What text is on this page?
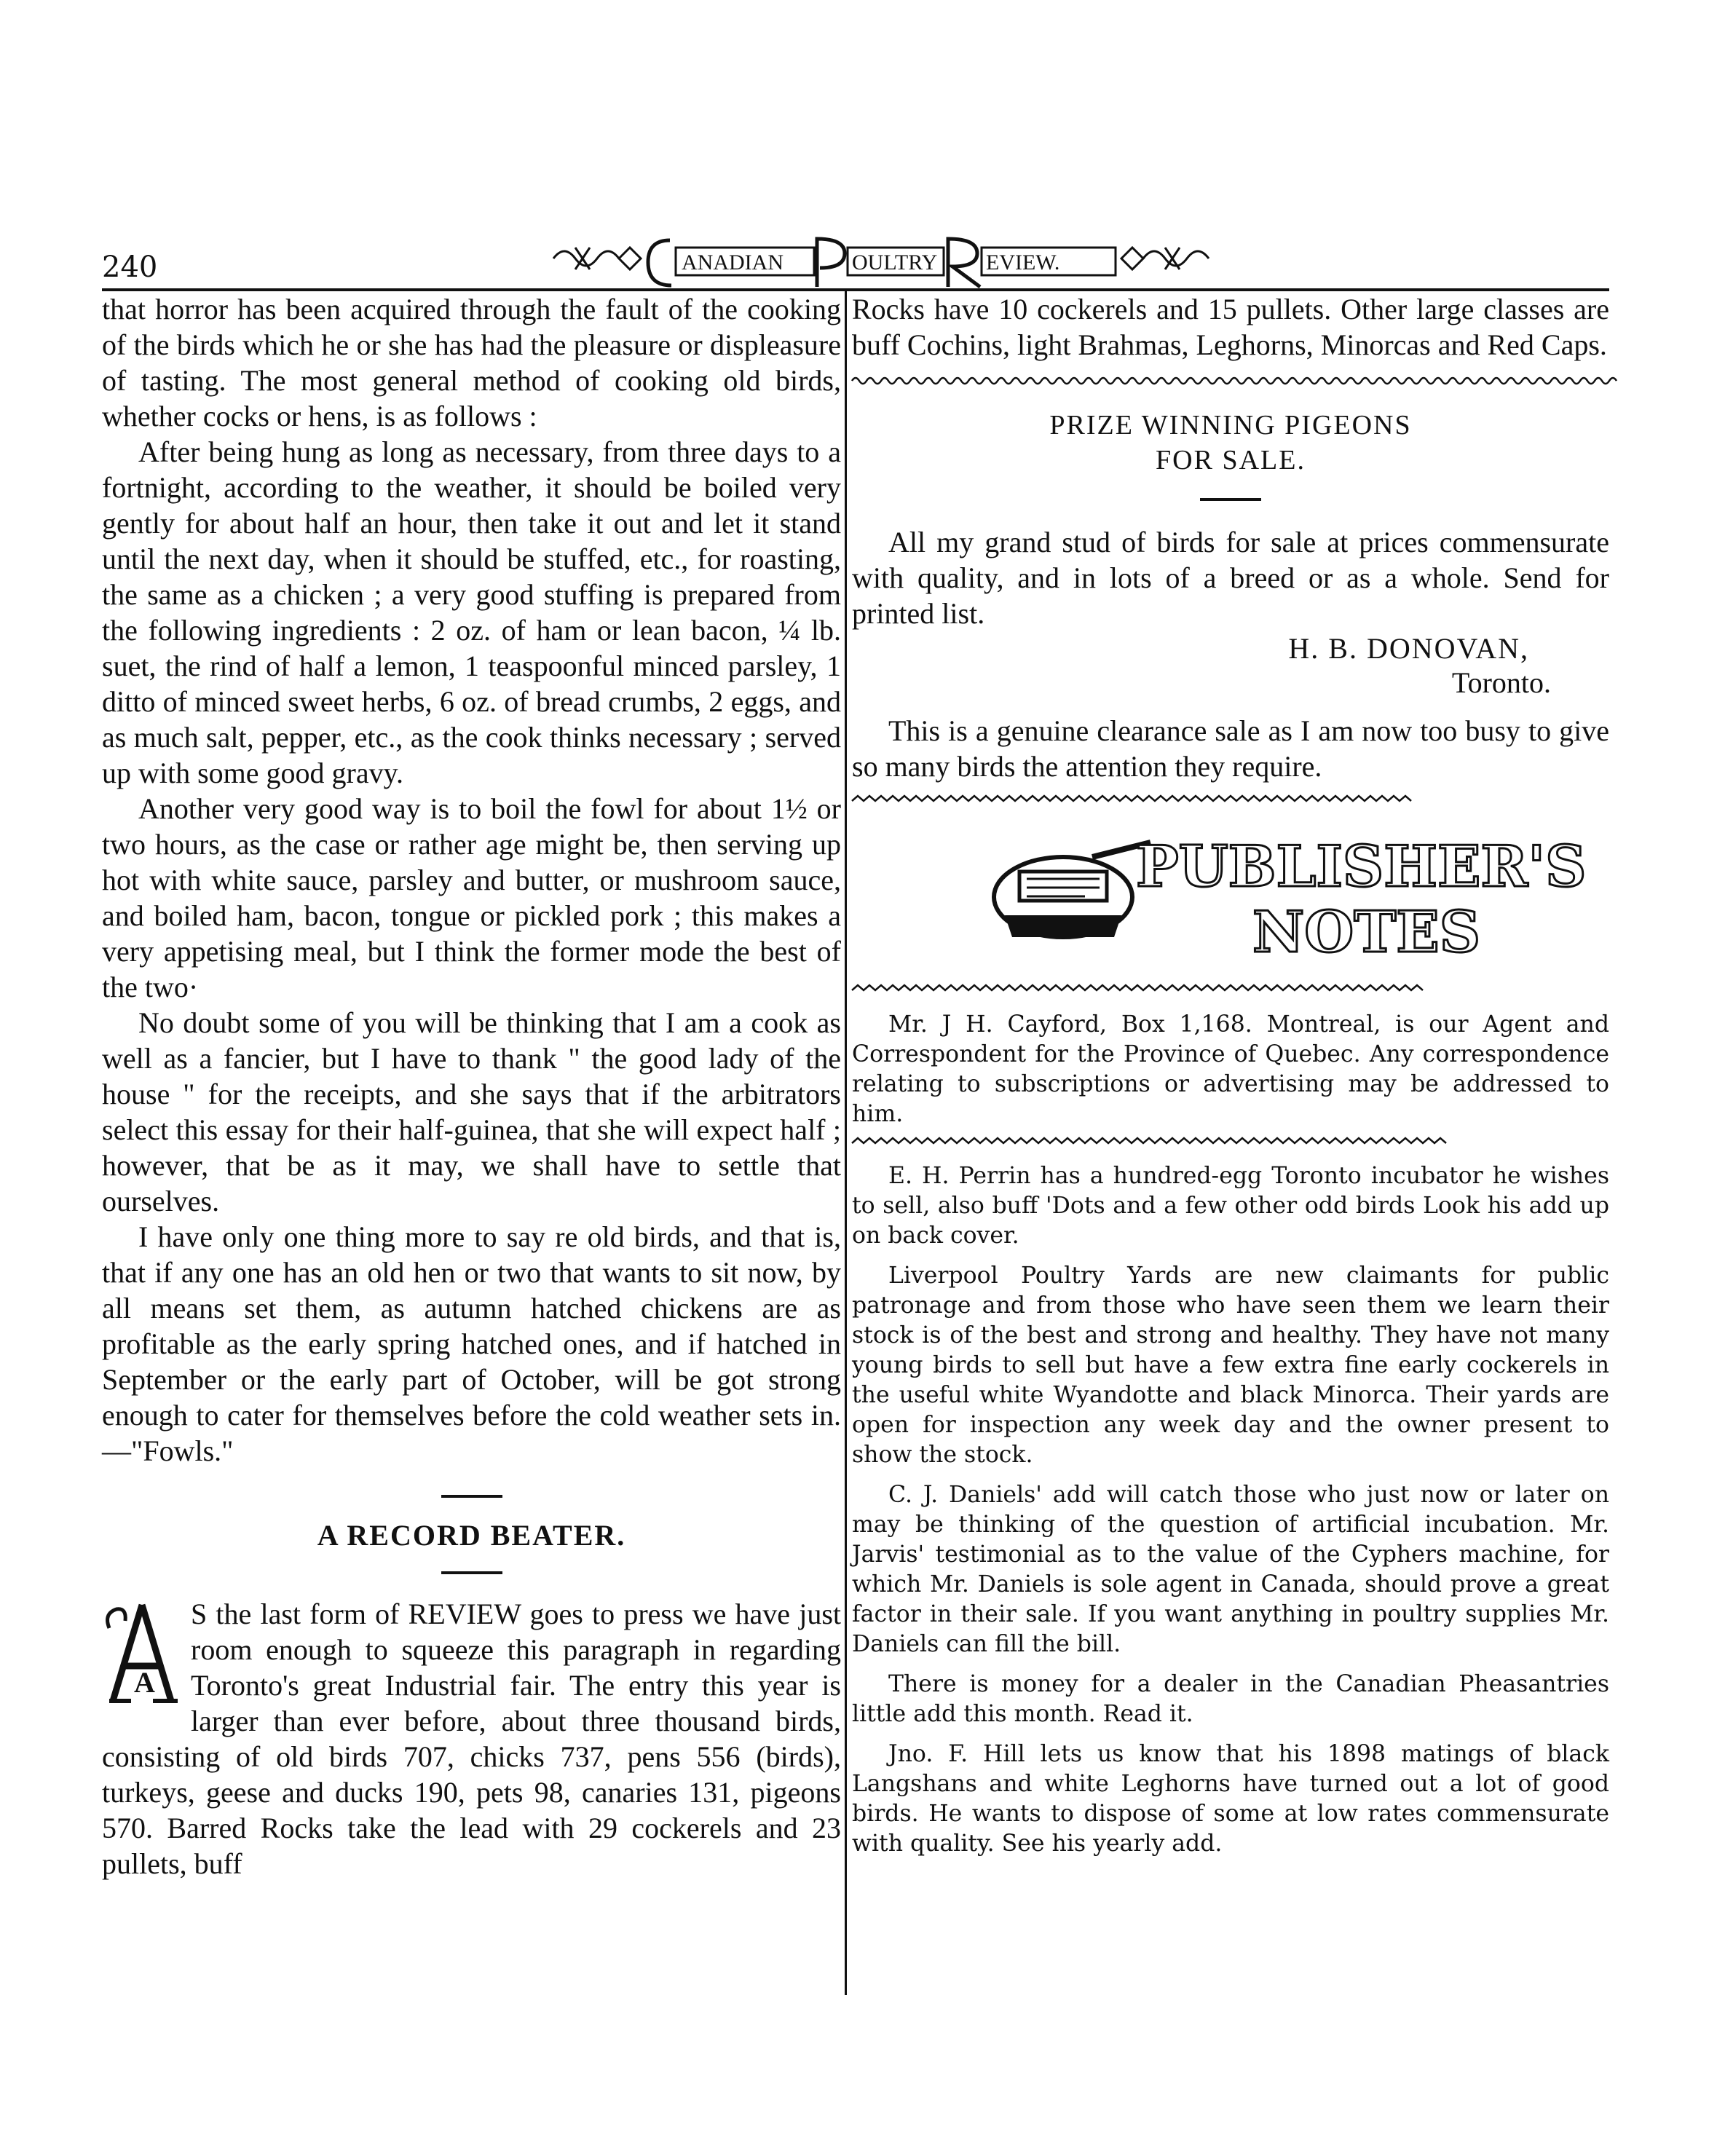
240	ANADIAN	OULTRY EVIEW.

that horror has been acquired through the fault of the cooking of the birds which he or she has had the pleasure or displeasure of tasting. The most general method of cooking old birds, whether cocks or hens, is as follows :

After being hung as long as necessary, from three days to a fortnight, according to the weather, it should be boiled very gently for about half an hour, then take it out and let it stand until the next day, when it should be stuffed, etc., for roasting, the same as a chicken ; a very good stuffing is prepared from the following ingredients : 2 oz. of ham or lean bacon, ¼ lb. suet, the rind of half a lemon, 1 teaspoonful minced parsley, 1 ditto of minced sweet herbs, 6 oz. of bread crumbs, 2 eggs, and as much salt, pepper, etc., as the cook thinks necessary ; served up with some good gravy.

Another very good way is to boil the fowl for about 1½ or two hours, as the case or rather age might be, then serving up hot with white sauce, parsley and butter, or mushroom sauce, and boiled ham, bacon, tongue or pickled pork ; this makes a very appetising meal, but I think the former mode the best of the two·

No doubt some of you will be thinking that I am a cook as well as a fancier, but I have to thank " the good lady of the house " for the receipts, and she says that if the arbitrators select this essay for their half-guinea, that she will expect half ; however, that be as it may, we shall have to settle that ourselves.

I have only one thing more to say re old birds, and that is, that if any one has an old hen or two that wants to sit now, by all means set them, as autumn hatched chickens are as profitable as the early spring hatched ones, and if hatched in September or the early part of October, will be got strong enough to cater for themselves before the cold weather sets in.—"Fowls."

A RECORD BEATER.
A

S the last form of REVIEW goes to press we have just room enough to squeeze this paragraph in regarding Toronto's great Industrial fair. The entry this year is larger than ever before, about three thousand birds, consisting of old birds 707, chicks 737, pens 556 (birds), turkeys, geese and ducks 190, pets 98, canaries 131, pigeons 570. Barred Rocks take the lead with 29 cockerels and 23 pullets, buff

Rocks have 10 cockerels and 15 pullets. Other large classes are buff Cochins, light Brahmas, Leghorns, Minorcas and Red Caps.

PRIZE WINNING PIGEONS

FOR SALE.

All my grand stud of birds for sale at prices commensurate with quality, and in lots of a breed or as a whole. Send for printed list.

H. B. DONOVAN,
Toronto.

This is a genuine clearance sale as I am now too busy to give so many birds the attention they require.

PUBLISHER'S
NOTES

Mr. J H. Cayford, Box 1,168. Montreal, is our Agent and Correspondent for the Province of Quebec. Any correspondence relating to subscriptions or advertising may be addressed to him.

E. H. Perrin has a hundred-egg Toronto incubator he wishes to sell, also buff 'Dots and a few other odd birds Look his add up on back cover.

Liverpool Poultry Yards are new claimants for public patronage and from those who have seen them we learn their stock is of the best and strong and healthy. They have not many young birds to sell but have a few extra fine early cockerels in the useful white Wyandotte and black Minorca. Their yards are open for inspection any week day and the owner present to show the stock.

C. J. Daniels' add will catch those who just now or later on may be thinking of the question of artificial incubation. Mr. Jarvis' testimonial as to the value of the Cyphers machine, for which Mr. Daniels is sole agent in Canada, should prove a great factor in their sale. If you want anything in poultry supplies Mr. Daniels can fill the bill.

There is money for a dealer in the Canadian Pheasantries little add this month. Read it.

Jno. F. Hill lets us know that his 1898 matings of black Langshans and white Leghorns have turned out a lot of good birds. He wants to dispose of some at low rates commensurate with quality. See his yearly add.
